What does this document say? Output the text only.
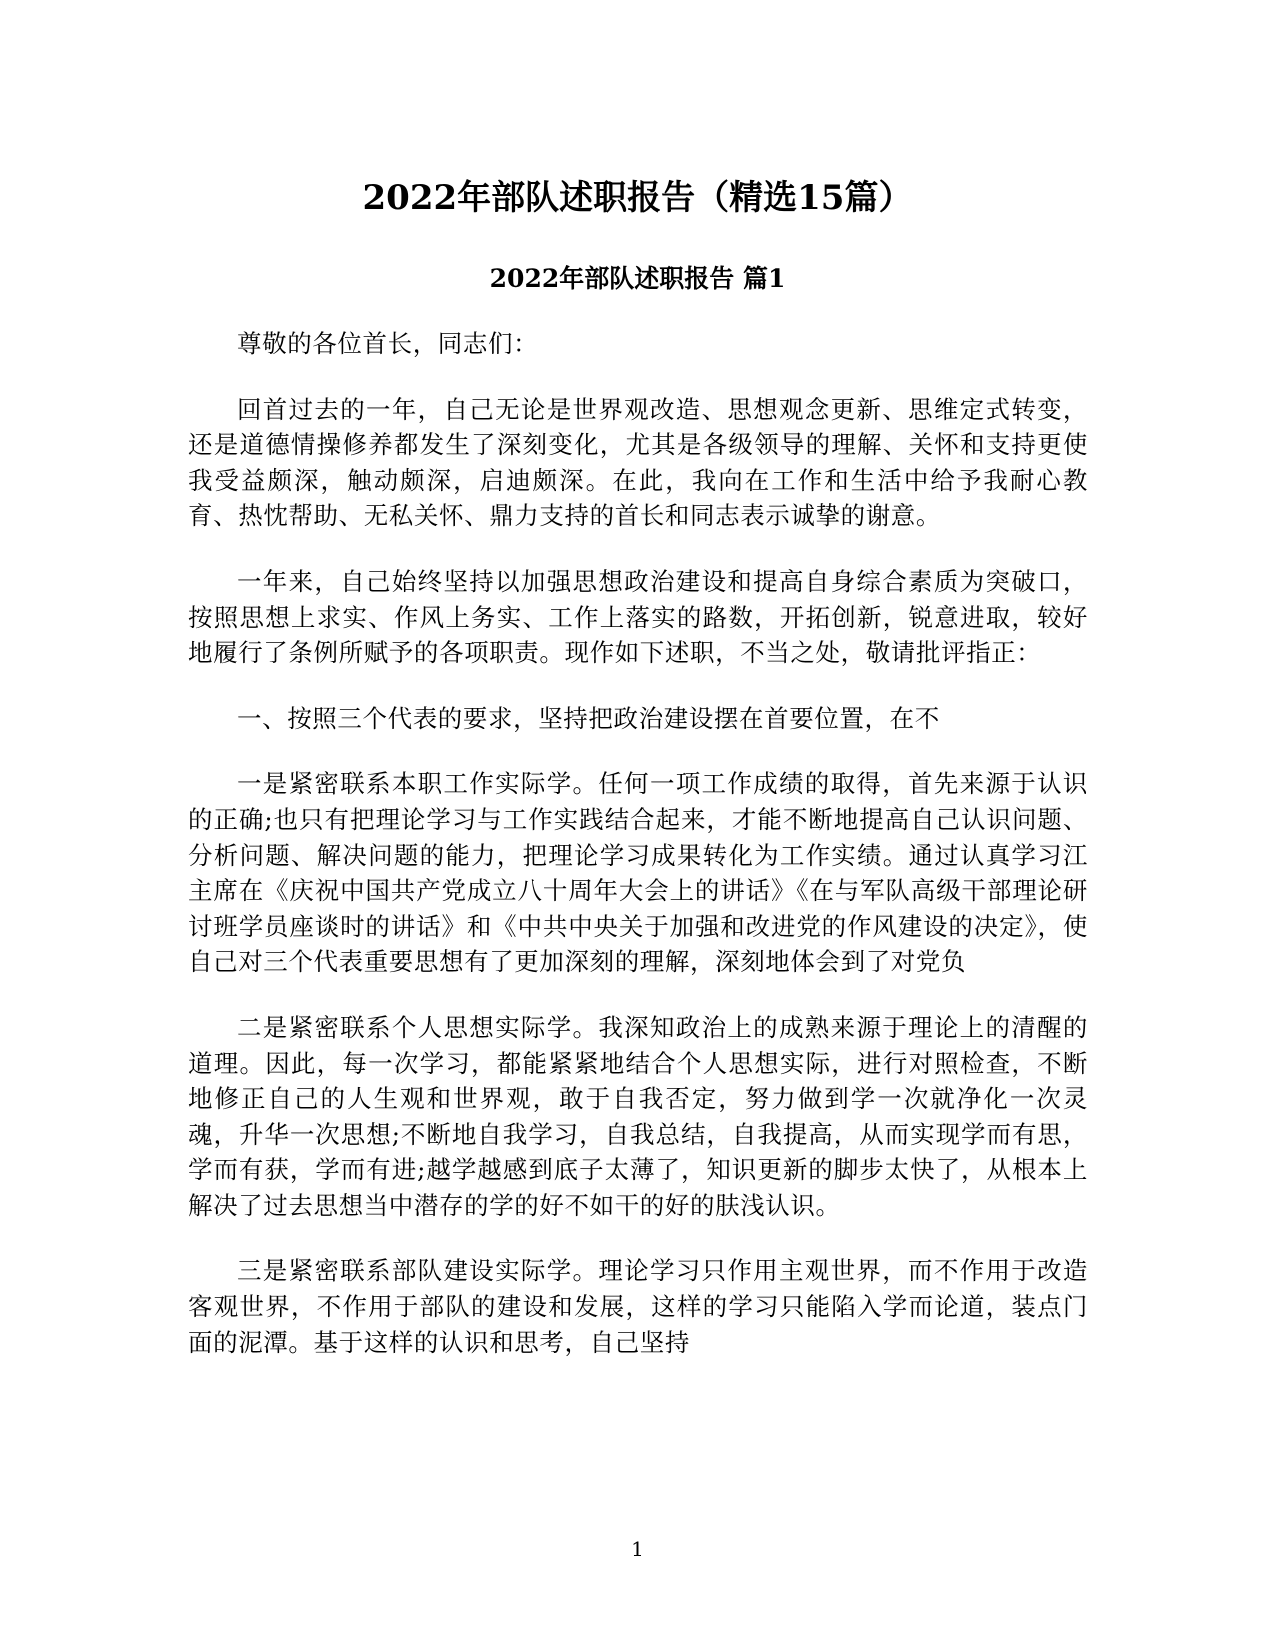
2022年部队述职报告（精选15篇）
2022年部队述职报告 篇1

尊敬的各位首长，同志们：

回首过去的一年，自己无论是世界观改造、思想观念更新、思维定式转变，还是道德情操修养都发生了深刻变化，尤其是各级领导的理解、关怀和支持更使我受益颇深，触动颇深，启迪颇深。在此，我向在工作和生活中给予我耐心教育、热忱帮助、无私关怀、鼎力支持的首长和同志表示诚挚的谢意。

一年来，自己始终坚持以加强思想政治建设和提高自身综合素质为突破口，按照思想上求实、作风上务实、工作上落实的路数，开拓创新，锐意进取，较好地履行了条例所赋予的各项职责。现作如下述职，不当之处，敬请批评指正：

一、按照三个代表的要求，坚持把政治建设摆在首要位置，在不

一是紧密联系本职工作实际学。任何一项工作成绩的取得，首先来源于认识的正确;也只有把理论学习与工作实践结合起来，才能不断地提高自己认识问题、分析问题、解决问题的能力，把理论学习成果转化为工作实绩。通过认真学习江主席在《庆祝中国共产党成立八十周年大会上的讲话》《在与军队高级干部理论研讨班学员座谈时的讲话》和《中共中央关于加强和改进党的作风建设的决定》，使自己对三个代表重要思想有了更加深刻的理解，深刻地体会到了对党负

二是紧密联系个人思想实际学。我深知政治上的成熟来源于理论上的清醒的道理。因此，每一次学习，都能紧紧地结合个人思想实际，进行对照检查，不断地修正自己的人生观和世界观，敢于自我否定，努力做到学一次就净化一次灵魂，升华一次思想;不断地自我学习，自我总结，自我提高，从而实现学而有思，学而有获，学而有进;越学越感到底子太薄了，知识更新的脚步太快了，从根本上解决了过去思想当中潜存的学的好不如干的好的肤浅认识。

三是紧密联系部队建设实际学。理论学习只作用主观世界，而不作用于改造客观世界，不作用于部队的建设和发展，这样的学习只能陷入学而论道，装点门面的泥潭。基于这样的认识和思考，自己坚持

1
